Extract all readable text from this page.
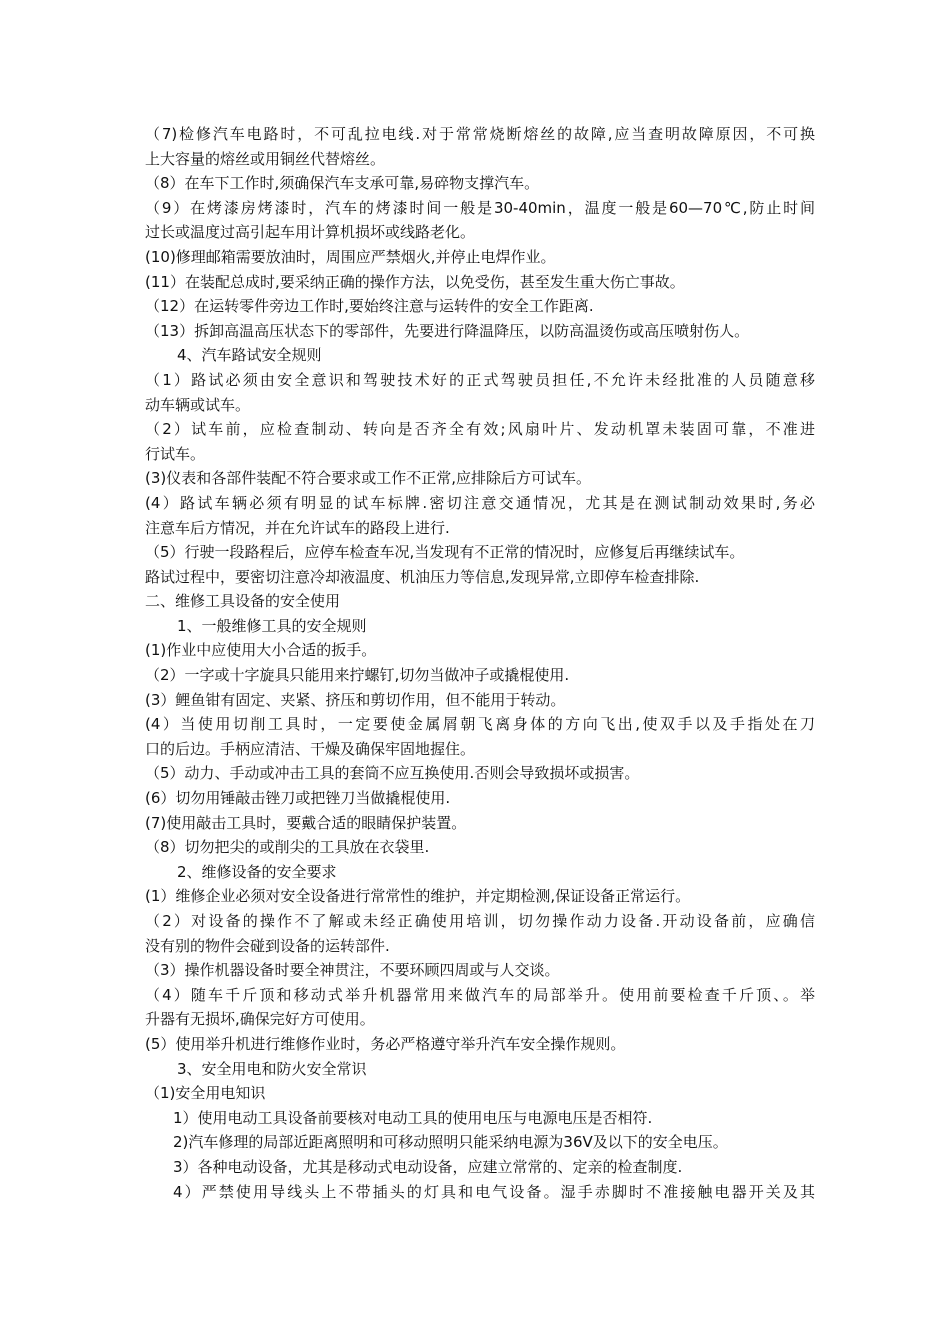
（7)检修汽车电路时，不可乱拉电线.对于常常烧断熔丝的故障,应当查明故障原因，不可换
上大容量的熔丝或用铜丝代替熔丝。
（8）在车下工作时,须确保汽车支承可靠,易碎物支撑汽车。
（9）在烤漆房烤漆时，汽车的烤漆时间一般是30-40min，温度一般是60—70℃,防止时间
过长或温度过高引起车用计算机损坏或线路老化。
(10)修理邮箱需要放油时，周围应严禁烟火,并停止电焊作业。
(11）在装配总成时,要采纳正确的操作方法，以免受伤，甚至发生重大伤亡事故。
（12）在运转零件旁边工作时,要始终注意与运转件的安全工作距离.
（13）拆卸高温高压状态下的零部件，先要进行降温降压，以防高温烫伤或高压喷射伤人。
4、汽车路试安全规则
（1）路试必须由安全意识和驾驶技术好的正式驾驶员担任,不允许未经批准的人员随意移
动车辆或试车。
（2）试车前，应检查制动、转向是否齐全有效;风扇叶片、发动机罩未装固可靠，不准进
行试车。
(3)仪表和各部件装配不符合要求或工作不正常,应排除后方可试车。
(4）路试车辆必须有明显的试车标牌.密切注意交通情况，尤其是在测试制动效果时,务必
注意车后方情况，并在允许试车的路段上进行.
（5）行驶一段路程后，应停车检查车况,当发现有不正常的情况时，应修复后再继续试车。
路试过程中，要密切注意冷却液温度、机油压力等信息,发现异常,立即停车检查排除.
二、维修工具设备的安全使用
1、一般维修工具的安全规则
(1)作业中应使用大小合适的扳手。
（2）一字或十字旋具只能用来拧螺钉,切勿当做冲子或撬棍使用.
(3）鲤鱼钳有固定、夹紧、挤压和剪切作用，但不能用于转动。
(4）当使用切削工具时，一定要使金属屑朝飞离身体的方向飞出,使双手以及手指处在刀
口的后边。手柄应清洁、干燥及确保牢固地握住。
（5）动力、手动或冲击工具的套筒不应互换使用.否则会导致损坏或损害。
(6）切勿用锤敲击锉刀或把锉刀当做撬棍使用.
(7)使用敲击工具时，要戴合适的眼睛保护装置。
（8）切勿把尖的或削尖的工具放在衣袋里.
2、维修设备的安全要求
(1）维修企业必须对安全设备进行常常性的维护，并定期检测,保证设备正常运行。
（2）对设备的操作不了解或未经正确使用培训，切勿操作动力设备.开动设备前，应确信
没有别的物件会碰到设备的运转部件.
（3）操作机器设备时要全神贯注，不要环顾四周或与人交谈。
（4）随车千斤顶和移动式举升机器常用来做汽车的局部举升。使用前要检查千斤顶、。举
升器有无损坏,确保完好方可使用。
(5）使用举升机进行维修作业时，务必严格遵守举升汽车安全操作规则。
3、安全用电和防火安全常识
（1)安全用电知识
1）使用电动工具设备前要核对电动工具的使用电压与电源电压是否相符.
2)汽车修理的局部近距离照明和可移动照明只能采纳电源为36V及以下的安全电压。
3）各种电动设备，尤其是移动式电动设备，应建立常常的、定亲的检查制度.
4）严禁使用导线头上不带插头的灯具和电气设备。湿手赤脚时不准接触电器开关及其
